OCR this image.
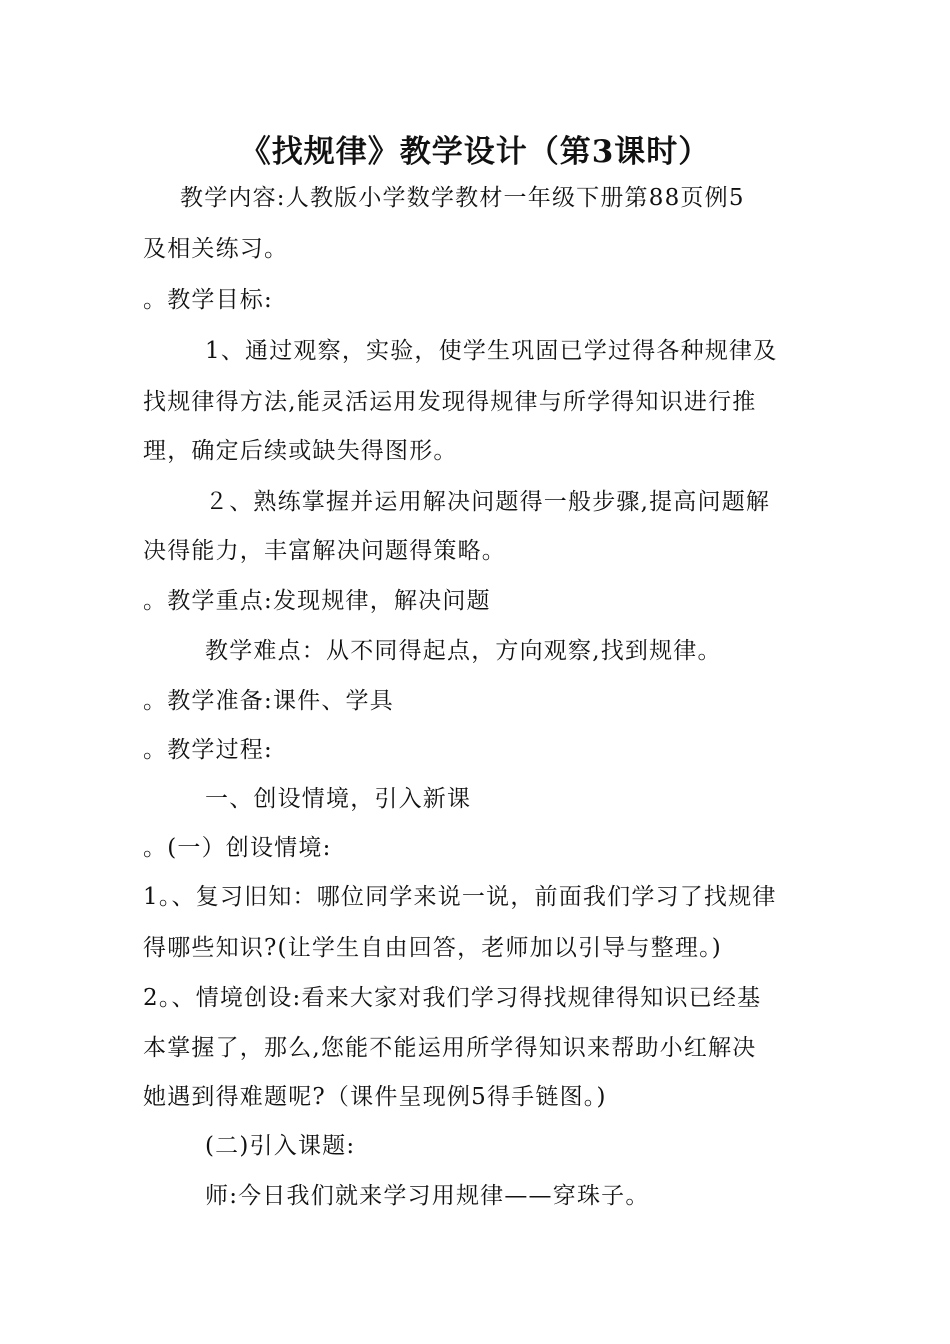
《找规律》教学设计（第3课时）
教学内容:人教版小学数学教材一年级下册第88页例5
及相关练习。
。教学目标:
1、通过观察，实验，使学生巩固已学过得各种规律及
找规律得方法,能灵活运用发现得规律与所学得知识进行推
理，确定后续或缺失得图形。
２、熟练掌握并运用解决问题得一般步骤,提高问题解
决得能力，丰富解决问题得策略。
。教学重点:发现规律，解决问题
教学难点：从不同得起点，方向观察,找到规律。
。教学准备:课件、学具
。教学过程:
一、创设情境，引入新课
。(一）创设情境:
1。、复习旧知：哪位同学来说一说，前面我们学习了找规律
得哪些知识?(让学生自由回答，老师加以引导与整理。)
2。、情境创设:看来大家对我们学习得找规律得知识已经基
本掌握了，那么,您能不能运用所学得知识来帮助小红解决
她遇到得难题呢?（课件呈现例5得手链图。)
(二)引入课题:
师:今日我们就来学习用规律——穿珠子。
